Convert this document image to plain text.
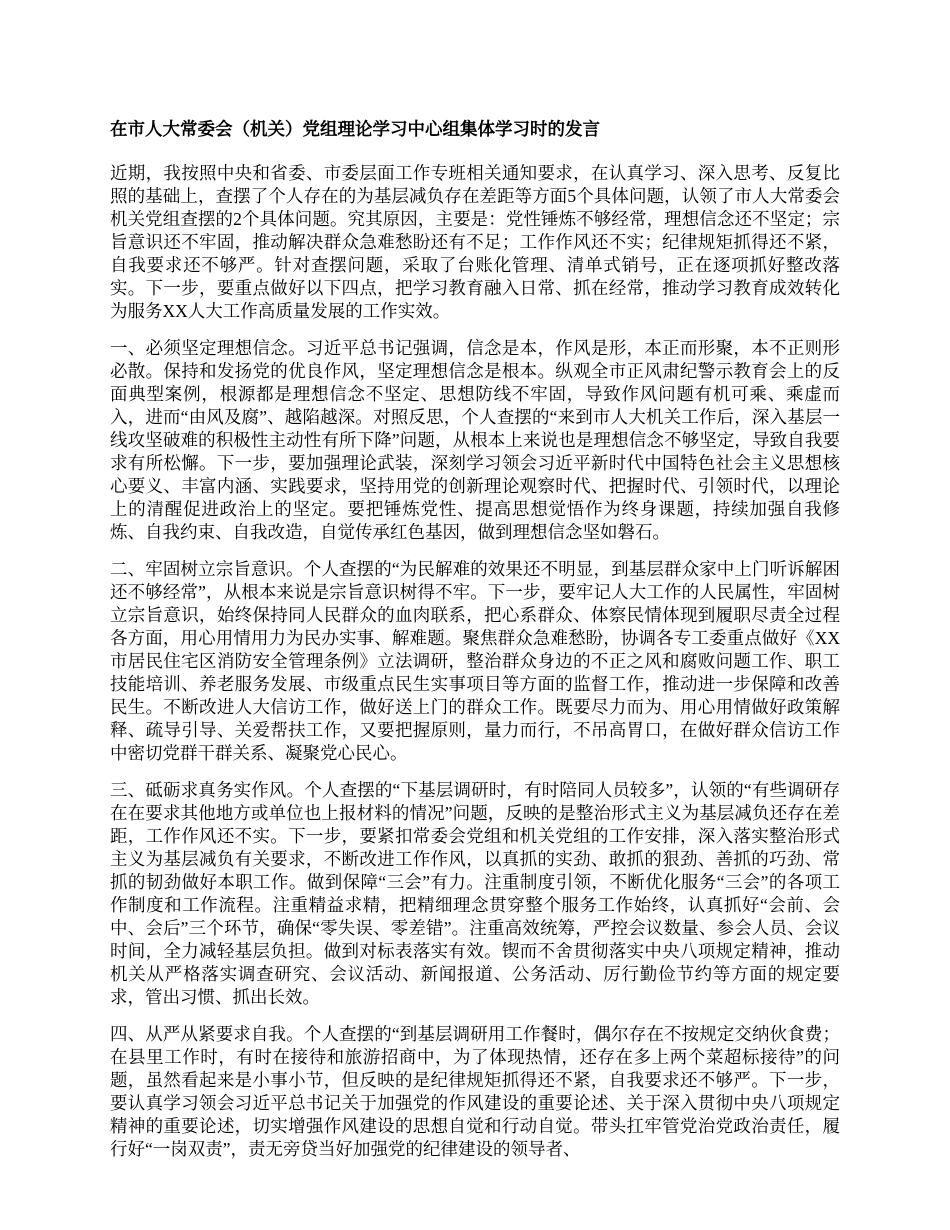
在市人大常委会（机关）党组理论学习中心组集体学习时的发言

近期，我按照中央和省委、市委层面工作专班相关通知要求，在认真学习、深入思考、反复比照的基础上，查摆了个人存在的为基层减负存在差距等方面5个具体问题，认领了市人大常委会机关党组查摆的2个具体问题。究其原因，主要是：党性锤炼不够经常，理想信念还不坚定；宗旨意识还不牢固，推动解决群众急难愁盼还有不足；工作作风还不实；纪律规矩抓得还不紧，自我要求还不够严。针对查摆问题，采取了台账化管理、清单式销号，正在逐项抓好整改落实。下一步，要重点做好以下四点，把学习教育融入日常、抓在经常，推动学习教育成效转化为服务XX人大工作高质量发展的工作实效。

一、必须坚定理想信念。习近平总书记强调，信念是本，作风是形，本正而形聚，本不正则形必散。保持和发扬党的优良作风，坚定理想信念是根本。纵观全市正风肃纪警示教育会上的反面典型案例，根源都是理想信念不坚定、思想防线不牢固，导致作风问题有机可乘、乘虚而入，进而“由风及腐”、越陷越深。对照反思，个人查摆的“来到市人大机关工作后，深入基层一线攻坚破难的积极性主动性有所下降”问题，从根本上来说也是理想信念不够坚定，导致自我要求有所松懈。下一步，要加强理论武装，深刻学习领会习近平新时代中国特色社会主义思想核心要义、丰富内涵、实践要求，坚持用党的创新理论观察时代、把握时代、引领时代，以理论上的清醒促进政治上的坚定。要把锤炼党性、提高思想觉悟作为终身课题，持续加强自我修炼、自我约束、自我改造，自觉传承红色基因，做到理想信念坚如磐石。

二、牢固树立宗旨意识。个人查摆的“为民解难的效果还不明显，到基层群众家中上门听诉解困还不够经常”，从根本来说是宗旨意识树得不牢。下一步，要牢记人大工作的人民属性，牢固树立宗旨意识，始终保持同人民群众的血肉联系，把心系群众、体察民情体现到履职尽责全过程各方面，用心用情用力为民办实事、解难题。聚焦群众急难愁盼，协调各专工委重点做好《XX市居民住宅区消防安全管理条例》立法调研，整治群众身边的不正之风和腐败问题工作、职工技能培训、养老服务发展、市级重点民生实事项目等方面的监督工作，推动进一步保障和改善民生。不断改进人大信访工作，做好送上门的群众工作。既要尽力而为、用心用情做好政策解释、疏导引导、关爱帮扶工作，又要把握原则，量力而行，不吊高胃口，在做好群众信访工作中密切党群干群关系、凝聚党心民心。

三、砥砺求真务实作风。个人查摆的“下基层调研时，有时陪同人员较多”，认领的“有些调研存在在要求其他地方或单位也上报材料的情况”问题，反映的是整治形式主义为基层减负还存在差距，工作作风还不实。下一步，要紧扣常委会党组和机关党组的工作安排，深入落实整治形式主义为基层减负有关要求，不断改进工作作风，以真抓的实劲、敢抓的狠劲、善抓的巧劲、常抓的韧劲做好本职工作。做到保障“三会”有力。注重制度引领，不断优化服务“三会”的各项工作制度和工作流程。注重精益求精，把精细理念贯穿整个服务工作始终，认真抓好“会前、会中、会后”三个环节，确保“零失误、零差错”。注重高效统筹，严控会议数量、参会人员、会议时间，全力减轻基层负担。做到对标表落实有效。锲而不舍贯彻落实中央八项规定精神，推动机关从严格落实调查研究、会议活动、新闻报道、公务活动、厉行勤俭节约等方面的规定要求，管出习惯、抓出长效。

四、从严从紧要求自我。个人查摆的“到基层调研用工作餐时，偶尔存在不按规定交纳伙食费；在县里工作时，有时在接待和旅游招商中，为了体现热情，还存在多上两个菜超标接待”的问题，虽然看起来是小事小节，但反映的是纪律规矩抓得还不紧，自我要求还不够严。下一步，要认真学习领会习近平总书记关于加强党的作风建设的重要论述、关于深入贯彻中央八项规定精神的重要论述，切实增强作风建设的思想自觉和行动自觉。带头扛牢管党治党政治责任，履行好“一岗双责”，责无旁贷当好加强党的纪律建设的领导者、
